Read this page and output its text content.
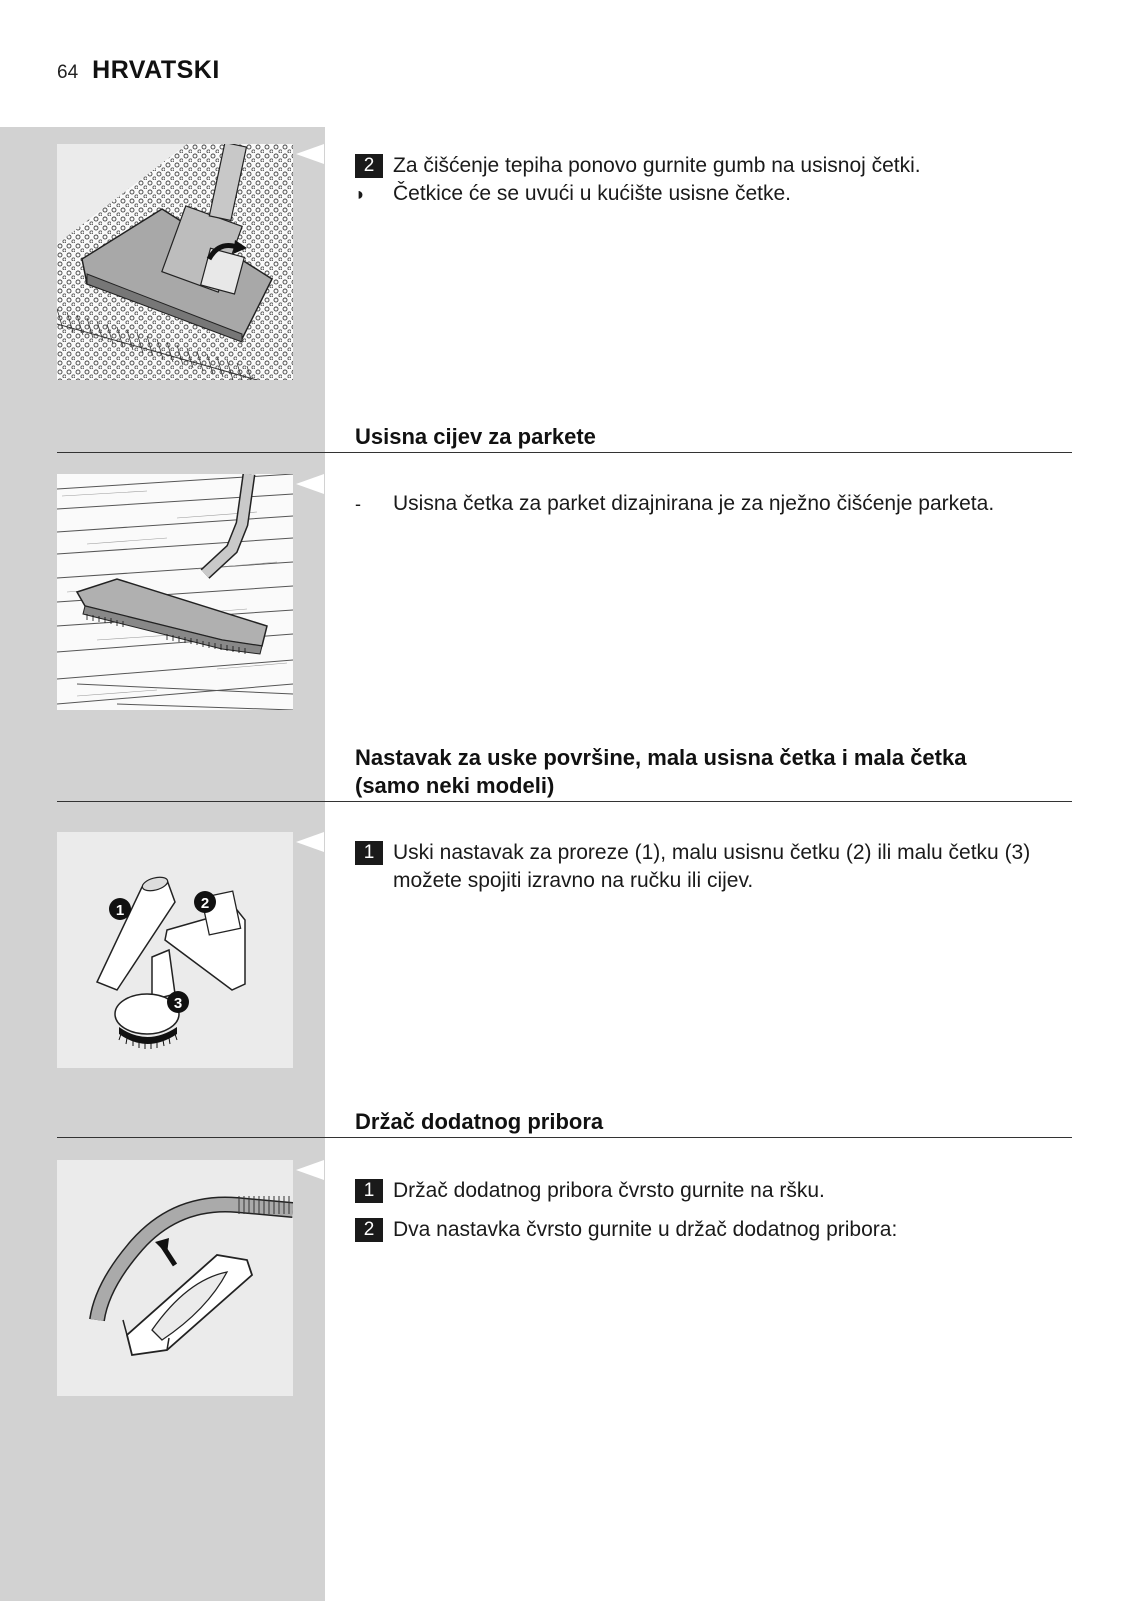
64 HRVATSKI
2 Za čišćenje tepiha ponovo gurnite gumb na usisnoj četki.
◗	Četkice će se uvući u kućište usisne četke.
Usisna cijev za parkete
-	Usisna četka za parket dizajnirana je za nježno čišćenje parketa.
Nastavak za uske površine, mala usisna četka i mala četka
(samo neki modeli)
1	2
3
1 Uski nastavak za proreze (1), malu usisnu četku (2) ili malu četku (3) možete spojiti izravno na ručku ili cijev.
Držač dodatnog pribora
1 Držač dodatnog pribora čvrsto gurnite na ršku.
2 Dva nastavka čvrsto gurnite u držač dodatnog pribora:
